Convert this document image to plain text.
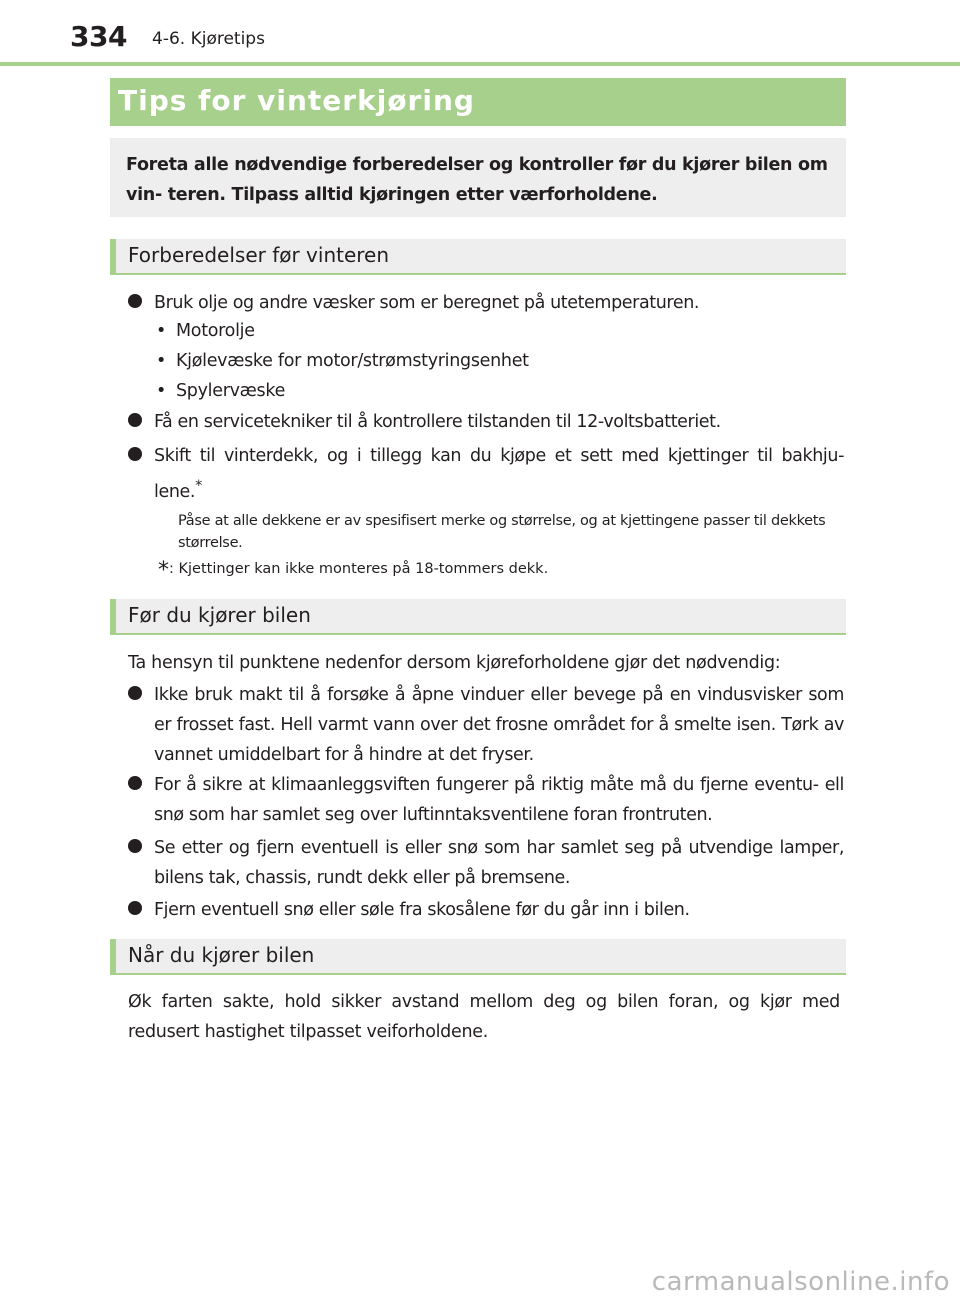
334 4-6. Kjøretips
Tips for vinterkjøring
Foreta alle nødvendige forberedelser og kontroller før du kjører bilen om vin- teren. Tilpass alltid kjøringen etter værforholdene.
Forberedelser før vinteren
Bruk olje og andre væsker som er beregnet på utetemperaturen.
• Motorolje
• Kjølevæske for motor/strømstyringsenhet
• Spylervæske
Få en servicetekniker til å kontrollere tilstanden til 12-voltsbatteriet.
Skift til vinterdekk, og i tillegg kan du kjøpe et sett med kjettinger til bakhju- lene.*
Påse at alle dekkene er av spesifisert merke og størrelse, og at kjettingene passer til dekkets størrelse.
*: Kjettinger kan ikke monteres på 18-tommers dekk.
Før du kjører bilen
Ta hensyn til punktene nedenfor dersom kjøreforholdene gjør det nødvendig:
Ikke bruk makt til å forsøke å åpne vinduer eller bevege på en vindusvisker som er frosset fast. Hell varmt vann over det frosne området for å smelte isen. Tørk av vannet umiddelbart for å hindre at det fryser.
For å sikre at klimaanleggsviften fungerer på riktig måte må du fjerne eventu- ell snø som har samlet seg over luftinntaksventilene foran frontruten.
Se etter og fjern eventuell is eller snø som har samlet seg på utvendige lamper, bilens tak, chassis, rundt dekk eller på bremsene.
Fjern eventuell snø eller søle fra skosålene før du går inn i bilen.
Når du kjører bilen
Øk farten sakte, hold sikker avstand mellom deg og bilen foran, og kjør med redusert hastighet tilpasset veiforholdene.
carmanualsonline.info
